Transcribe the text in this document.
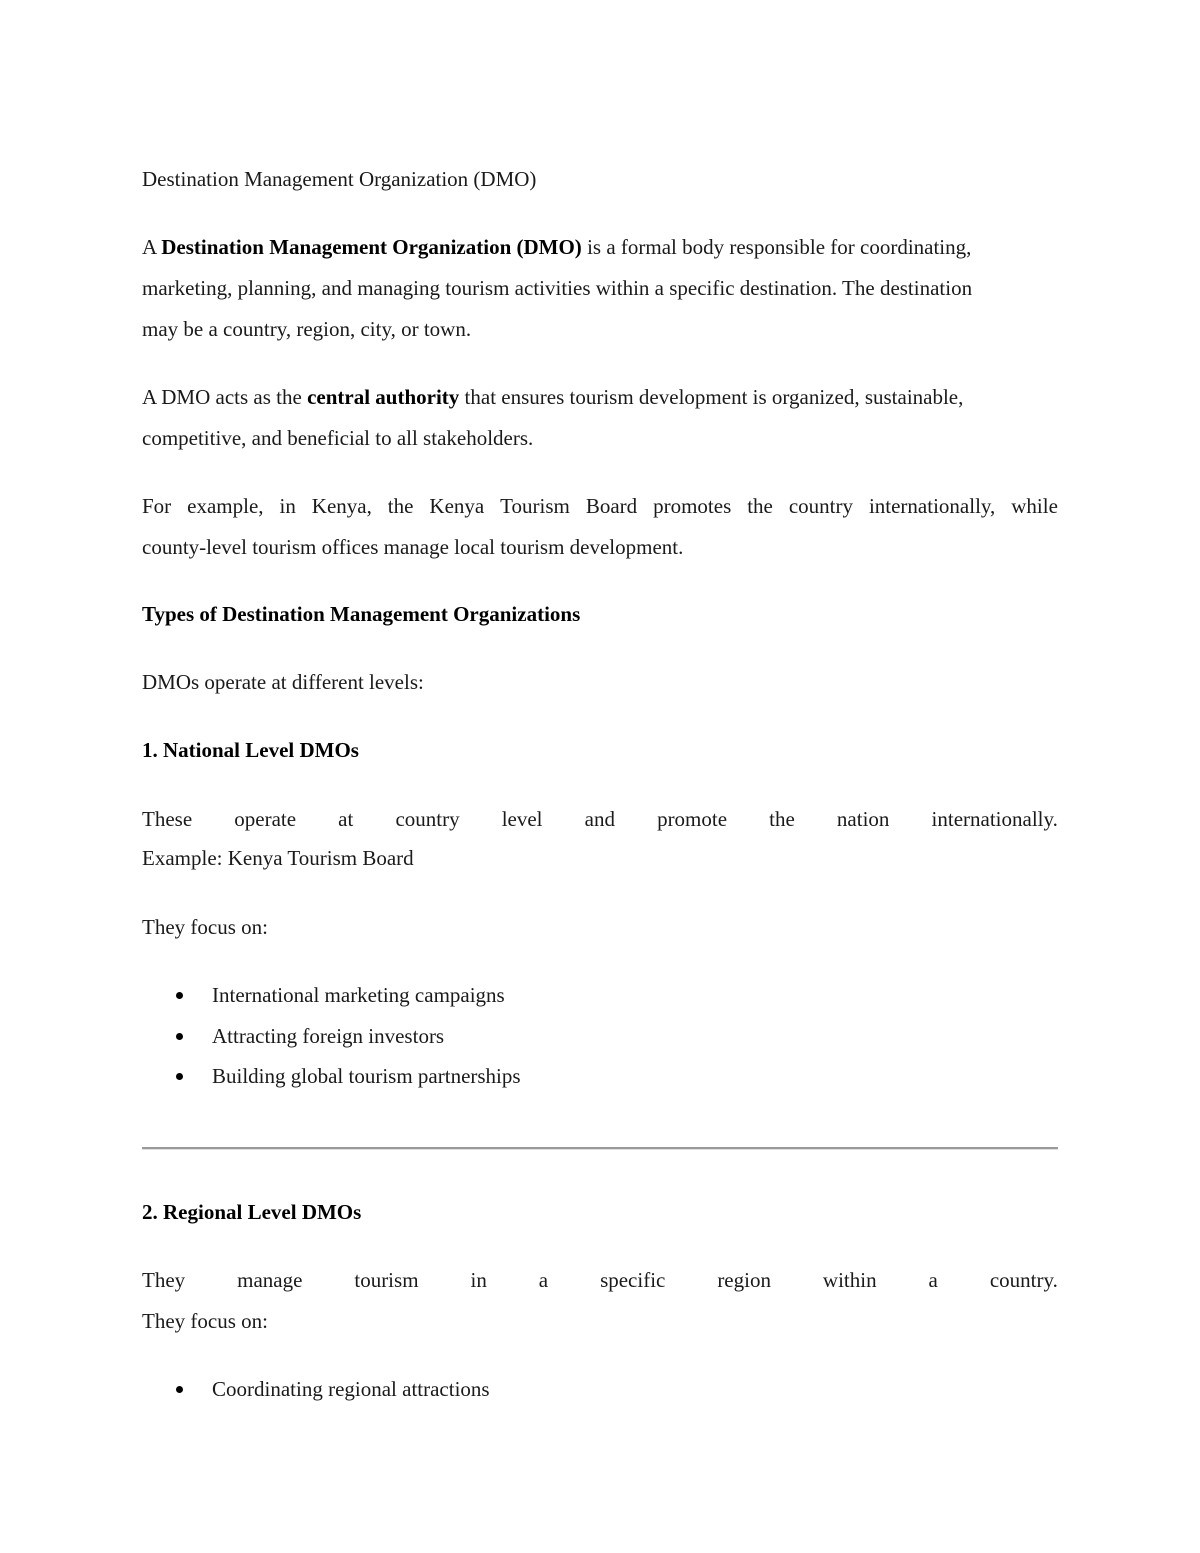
Destination Management Organization (DMO)
A Destination Management Organization (DMO) is a formal body responsible for coordinating,
marketing, planning, and managing tourism activities within a specific destination. The destination
may be a country, region, city, or town.
A DMO acts as the central authority that ensures tourism development is organized, sustainable,
competitive, and beneficial to all stakeholders.
For example, in Kenya, the Kenya Tourism Board promotes the country internationally, while
county-level tourism offices manage local tourism development.
Types of Destination Management Organizations
DMOs operate at different levels:
1. National Level DMOs
These operate at country level and promote the nation internationally.
Example: Kenya Tourism Board
They focus on:
International marketing campaigns
Attracting foreign investors
Building global tourism partnerships
2. Regional Level DMOs
They manage tourism in a specific region within a country.
They focus on:
Coordinating regional attractions
